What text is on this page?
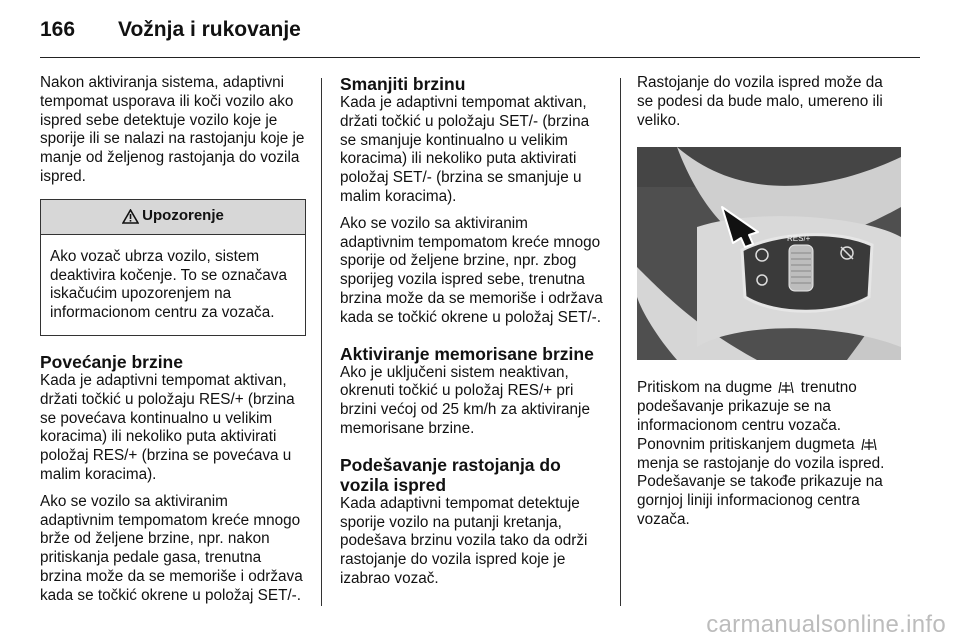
166 Vožnja i rukovanje

Nakon aktiviranja sistema, adaptivni tempomat usporava ili koči vozilo ako ispred sebe detektuje vozilo koje je sporije ili se nalazi na rastojanju koje je manje od željenog rastojanja do vozila ispred.

Upozorenje
Ako vozač ubrza vozilo, sistem deaktivira kočenje. To se označava iskačućim upozorenjem na informacionom centru za vozača.
Povećanje brzine

Kada je adaptivni tempomat aktivan, držati točkić u položaju RES/+ (brzina se povećava kontinualno u velikim koracima) ili nekoliko puta aktivirati položaj RES/+ (brzina se povećava u malim koracima).

Ako se vozilo sa aktiviranim adaptivnim tempomatom kreće mnogo brže od željene brzine, npr. nakon pritiskanja pedale gasa, trenutna brzina može da se memoriše i održava kada se točkić okrene u položaj SET/-.

Smanjiti brzinu

Kada je adaptivni tempomat aktivan, držati točkić u položaju SET/- (brzina se smanjuje kontinualno u velikim koracima) ili nekoliko puta aktivirati položaj SET/- (brzina se smanjuje u malim koracima).

Ako se vozilo sa aktiviranim adaptivnim tempomatom kreće mnogo sporije od željene brzine, npr. zbog sporijeg vozila ispred sebe, trenutna brzina može da se memoriše i održava kada se točkić okrene u položaj SET/-.

Aktiviranje memorisane brzine

Ako je uključeni sistem neaktivan, okrenuti točkić u položaj RES/+ pri brzini većoj od 25 km/h za aktiviranje memorisane brzine.

Podešavanje rastojanja do vozila ispred

Kada adaptivni tempomat detektuje sporije vozilo na putanji kretanja, podešava brzinu vozila tako da održi rastojanje do vozila ispred koje je izabrao vozač.

Rastojanje do vozila ispred može da se podesi da bude malo, umereno ili veliko.

RES/+

Pritiskom na dugme trenutno podešavanje prikazuje se na informacionom centru vozača. Ponovnim pritiskanjem dugmeta  menja se rastojanje do vozila ispred. Podešavanje se takođe prikazuje na gornjoj liniji informacionog centra vozača.

carmanualsonline.info
